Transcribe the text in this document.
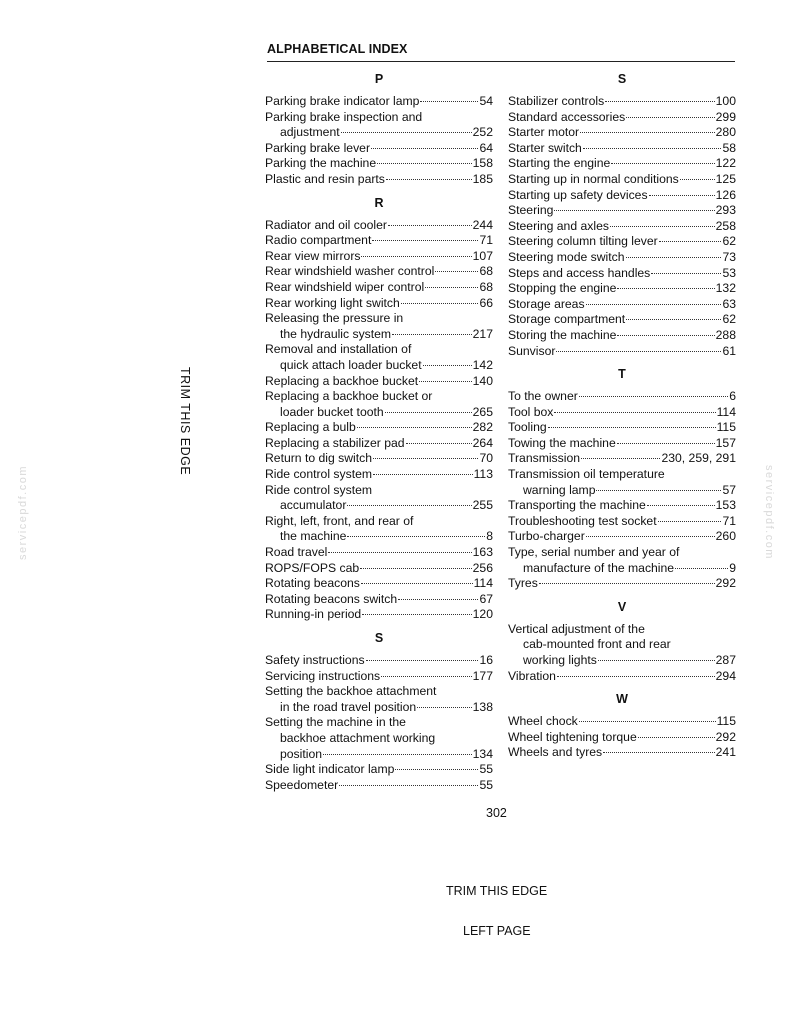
ALPHABETICAL INDEX
P
Parking brake indicator lamp	54
Parking brake inspection and
adjustment	252
Parking brake lever	64
Parking the machine	158
Plastic and resin parts	185
R
Radiator and oil cooler	244
Radio compartment	71
Rear view mirrors	107
Rear windshield washer control	68
Rear windshield wiper control	68
Rear working light switch	66
Releasing the pressure in
the hydraulic system	217
Removal and installation of
quick attach loader bucket	142
Replacing a backhoe bucket	140
Replacing a backhoe bucket or
loader bucket tooth	265
Replacing a bulb	282
Replacing a stabilizer pad	264
Return to dig switch	70
Ride control system	113
Ride control system
accumulator	255
Right, left, front, and rear of
the machine	8
Road travel	163
ROPS/FOPS cab	256
Rotating beacons	114
Rotating beacons switch	67
Running-in period	120
S
Safety instructions	16
Servicing instructions	177
Setting the backhoe attachment
in the road travel position	138
Setting the machine in the
backhoe attachment working
position	134
Side light indicator lamp	55
Speedometer	55
S
Stabilizer controls	100
Standard accessories	299
Starter motor	280
Starter switch	58
Starting the engine	122
Starting up in normal conditions	125
Starting up safety devices	126
Steering	293
Steering and axles	258
Steering column tilting lever	62
Steering mode switch	73
Steps and access handles	53
Stopping the engine	132
Storage areas	63
Storage compartment	62
Storing the machine	288
Sunvisor	61
T
To the owner	6
Tool box	114
Tooling	115
Towing the machine	157
Transmission	230, 259, 291
Transmission oil temperature
warning lamp	57
Transporting the machine	153
Troubleshooting test socket	71
Turbo-charger	260
Type, serial number and year of
manufacture of the machine	9
Tyres	292
V
Vertical adjustment of the
cab-mounted front and rear
working lights	287
Vibration	294
W
Wheel chock	115
Wheel tightening torque	292
Wheels and tyres	241
TRIM THIS EDGE
servicepdf.com	servicepdf.com
302
TRIM THIS EDGE
LEFT PAGE
